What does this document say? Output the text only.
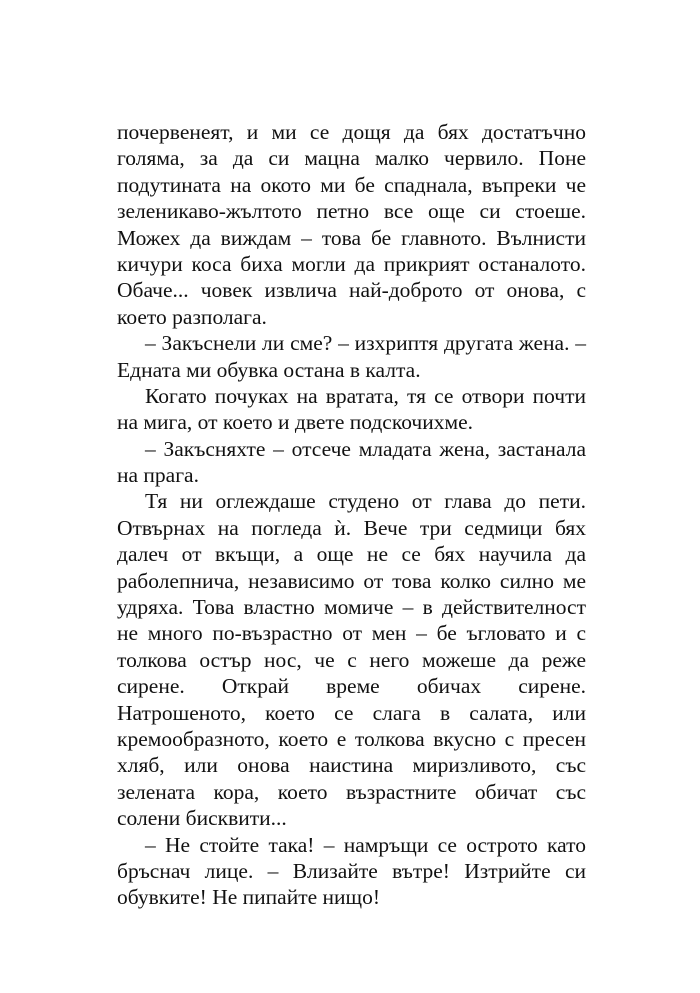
почервенеят, и ми се дощя да бях достатъчно
голяма, за да си мацна малко червило. Поне
подутината на окото ми бе спаднала, въпреки че
зеленикаво-жълтото петно все още си стоеше.
Можех да виждам – това бе главното. Вълнисти
кичури коса биха могли да прикрият останалото.
Обаче... човек извлича най-доброто от онова, с
което разполага.
– Закъснели ли сме? – изхриптя другата жена. –
Едната ми обувка остана в калта.
Когато почуках на вратата, тя се отвори почти
на мига, от което и двете подскочихме.
– Закъсняхте – отсече младата жена, застанала
на прага.
Тя ни оглеждаше студено от глава до пети.
Отвърнах на погледа ѝ. Вече три седмици бях
далеч от вкъщи, а още не се бях научила да
раболепнича, независимо от това колко силно ме
удряха. Това властно момиче – в действителност
не много по-възрастно от мен – бе ъгловато и с
толкова остър нос, че с него можеше да реже
сирене. Открай време обичах сирене.
Натрошеното, което се слага в салата, или
кремообразното, което е толкова вкусно с пресен
хляб, или онова наистина миризливото, със
зелената кора, което възрастните обичат със
солени бисквити...
– Не стойте така! – намръщи се острото като
бръснач лице. – Влизайте вътре! Изтрийте си
обувките! Не пипайте нищо!
